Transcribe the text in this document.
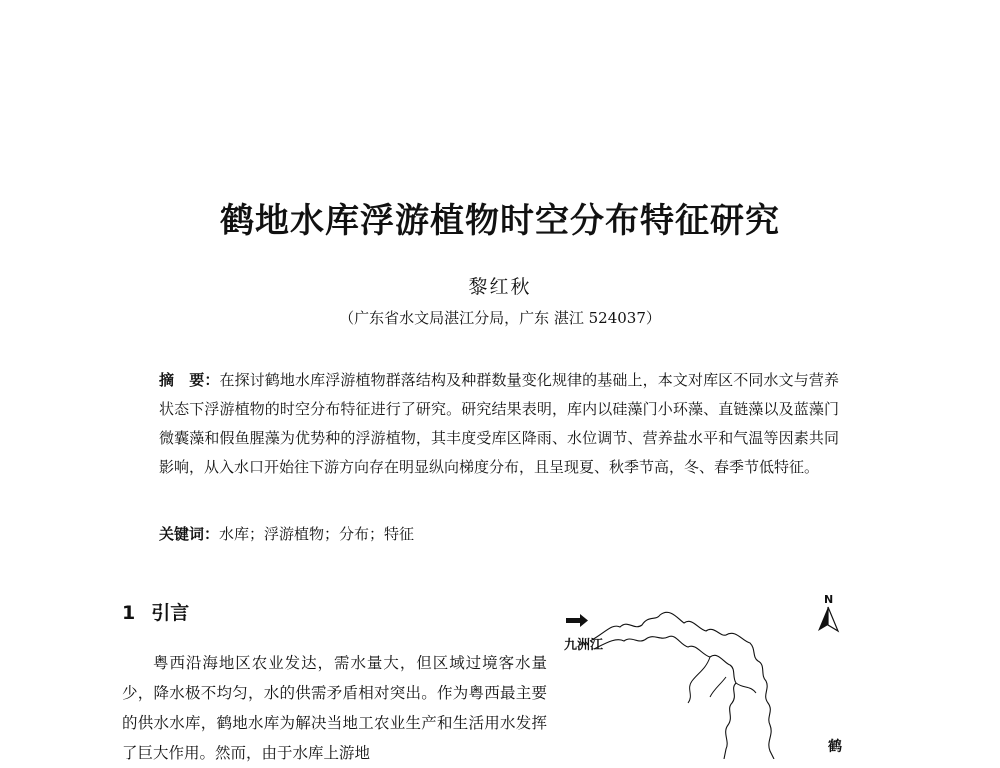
鹤地水库浮游植物时空分布特征研究
黎红秋
（广东省水文局湛江分局，广东 湛江 524037）
摘　要：在探讨鹤地水库浮游植物群落结构及种群数量变化规律的基础上，本文对库区不同水文与营养状态下浮游植物的时空分布特征进行了研究。研究结果表明，库内以硅藻门小环藻、直链藻以及蓝藻门微囊藻和假鱼腥藻为优势种的浮游植物，其丰度受库区降雨、水位调节、营养盐水平和气温等因素共同影响，从入水口开始往下游方向存在明显纵向梯度分布，且呈现夏、秋季节高，冬、春季节低特征。
关键词：水库；浮游植物；分布；特征
1 引言

粤西沿海地区农业发达，需水量大，但区域过境客水量少，降水极不均匀，水的供需矛盾相对突出。作为粤西最主要的供水水库，鹤地水库为解决当地工农业生产和生活用水发挥了巨大作用。然而，由于水库上游地

九洲江
N
鹤
